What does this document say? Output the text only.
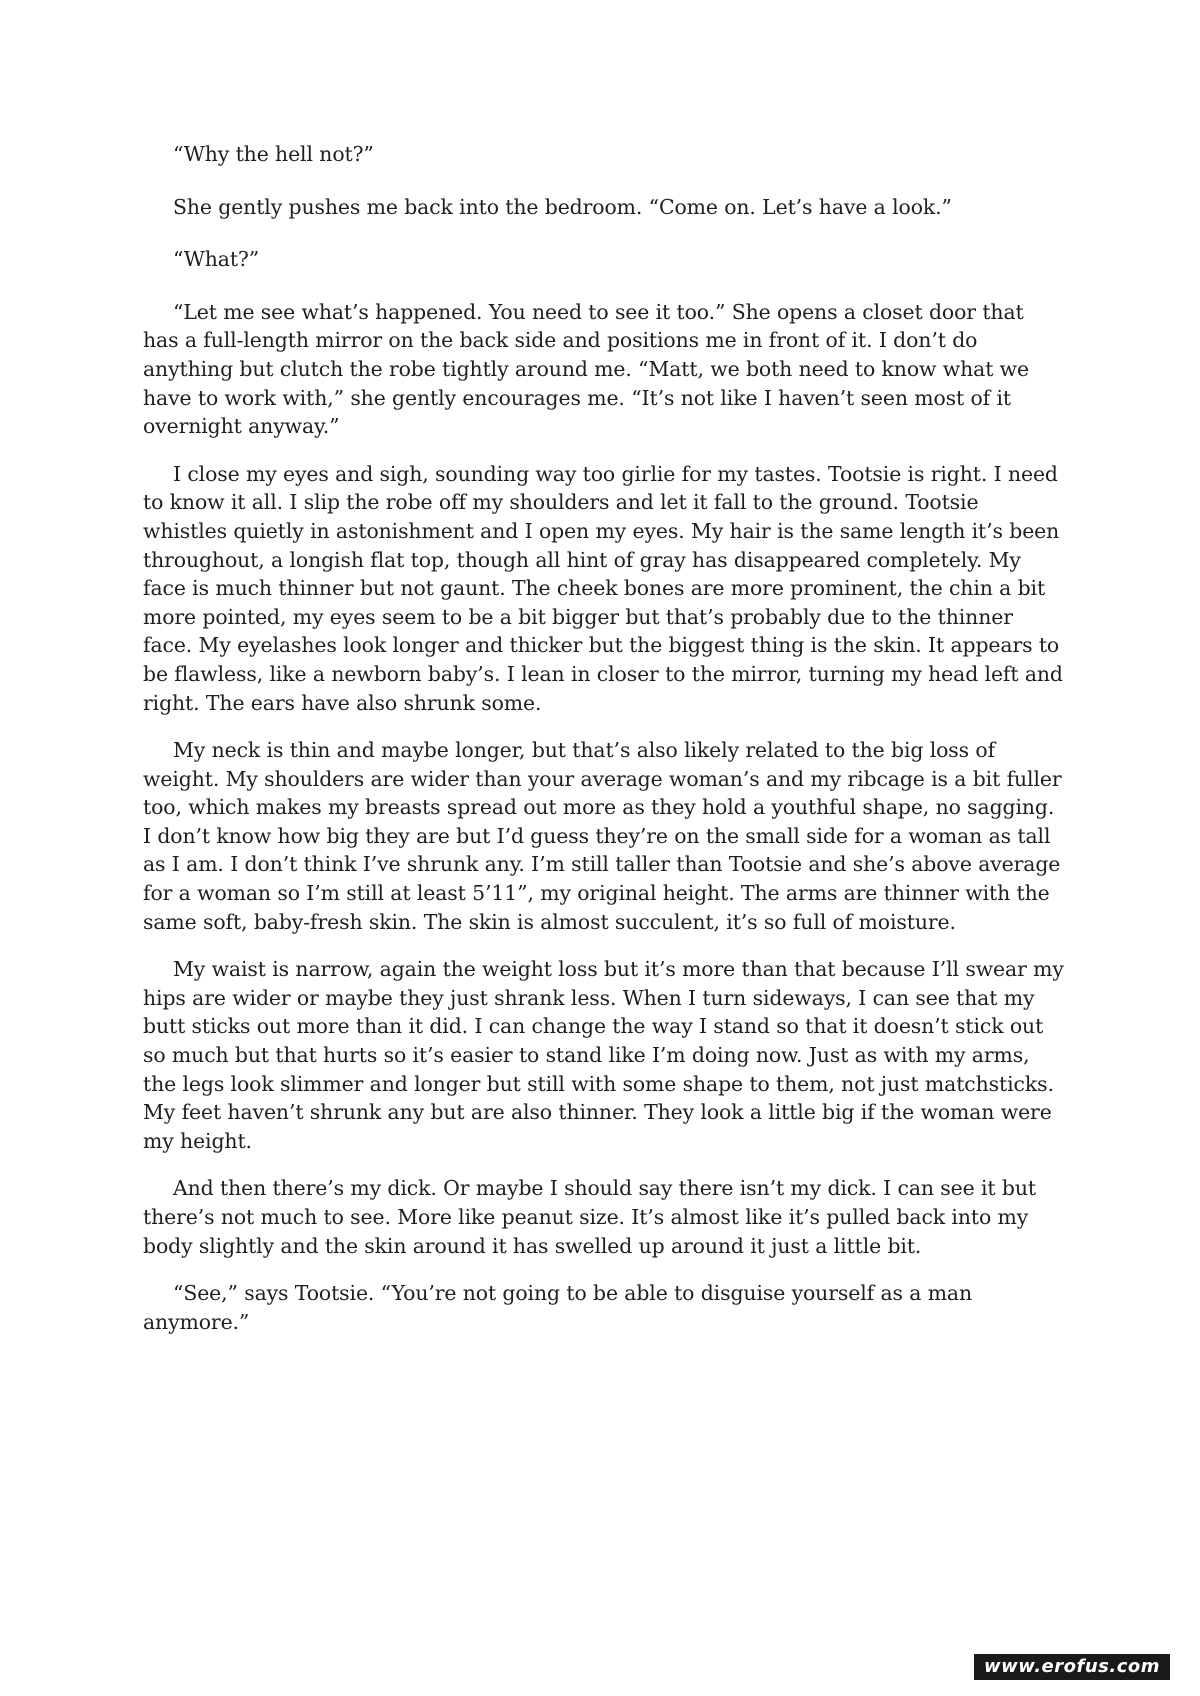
“Why the hell not?”

She gently pushes me back into the bedroom. “Come on. Let’s have a look.”

“What?”

“Let me see what’s happened. You need to see it too.” She opens a closet door that has a full-length mirror on the back side and positions me in front of it. I don’t do anything but clutch the robe tightly around me. “Matt, we both need to know what we have to work with,” she gently encourages me. “It’s not like I haven’t seen most of it overnight anyway.”

I close my eyes and sigh, sounding way too girlie for my tastes. Tootsie is right. I need to know it all. I slip the robe off my shoulders and let it fall to the ground. Tootsie whistles quietly in astonishment and I open my eyes. My hair is the same length it’s been throughout, a longish flat top, though all hint of gray has disappeared completely. My face is much thinner but not gaunt. The cheek bones are more prominent, the chin a bit more pointed, my eyes seem to be a bit bigger but that’s probably due to the thinner face. My eyelashes look longer and thicker but the biggest thing is the skin. It appears to be flawless, like a newborn baby’s. I lean in closer to the mirror, turning my head left and right. The ears have also shrunk some.

My neck is thin and maybe longer, but that’s also likely related to the big loss of weight. My shoulders are wider than your average woman’s and my ribcage is a bit fuller too, which makes my breasts spread out more as they hold a youthful shape, no sagging. I don’t know how big they are but I’d guess they’re on the small side for a woman as tall as I am. I don’t think I’ve shrunk any. I’m still taller than Tootsie and she’s above average for a woman so I’m still at least 5’11”, my original height. The arms are thinner with the same soft, baby-fresh skin. The skin is almost succulent, it’s so full of moisture.

My waist is narrow, again the weight loss but it’s more than that because I’ll swear my hips are wider or maybe they just shrank less. When I turn sideways, I can see that my butt sticks out more than it did. I can change the way I stand so that it doesn’t stick out so much but that hurts so it’s easier to stand like I’m doing now. Just as with my arms, the legs look slimmer and longer but still with some shape to them, not just matchsticks. My feet haven’t shrunk any but are also thinner. They look a little big if the woman were my height.

And then there’s my dick. Or maybe I should say there isn’t my dick. I can see it but there’s not much to see. More like peanut size. It’s almost like it’s pulled back into my body slightly and the skin around it has swelled up around it just a little bit.

“See,” says Tootsie. “You’re not going to be able to disguise yourself as a man anymore.”

www.erofus.com
